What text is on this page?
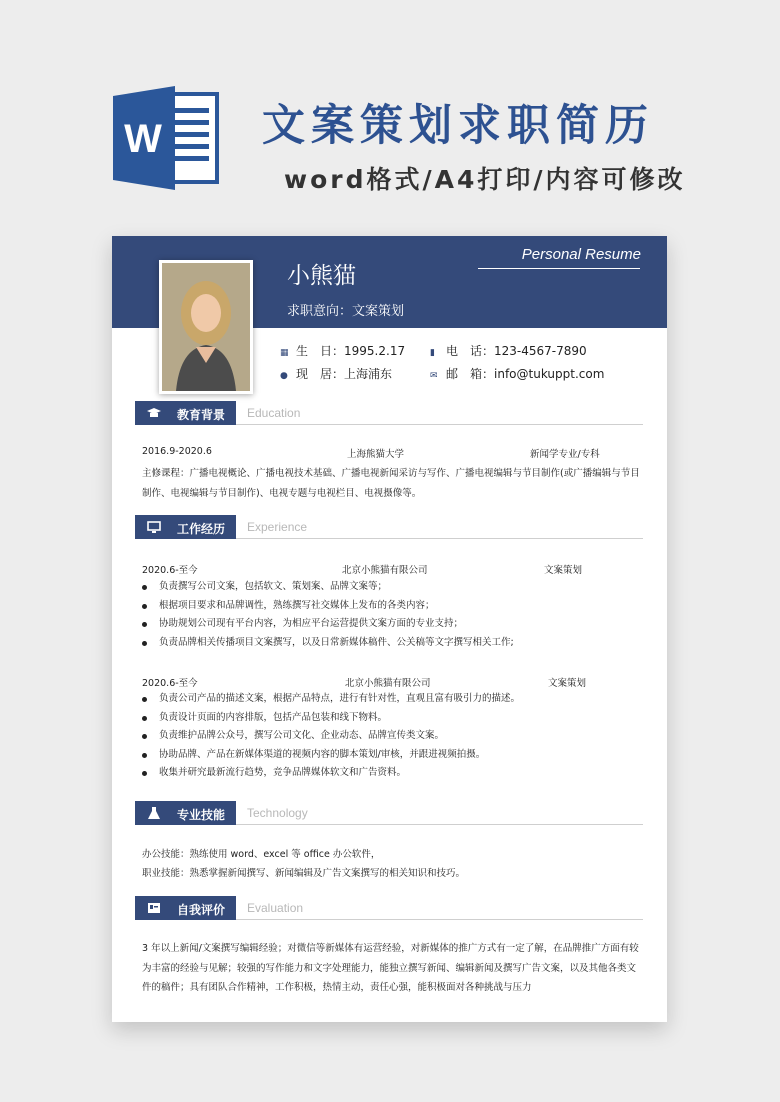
W 文案策划求职简历
word格式/A4打印/内容可修改
Personal Resume
小熊猫
求职意向：文案策划
▦ 生　日：1995.2.17	▮ 电　话：123-4567-7890
● 现　居：上海浦东	✉ 邮　箱：info@tukuppt.com
教育背景 Education
2016.9-2020.6	上海熊猫大学	新闻学专业/专科
主修课程：广播电视概论、广播电视技术基础、广播电视新闻采访与写作、广播电视编辑与节目制作(或广播编辑与节目
制作、电视编辑与节目制作)、电视专题与电视栏目、电视摄像等。
工作经历 Experience
2020.6-至今	北京小熊猫有限公司	文案策划
负责撰写公司文案，包括软文、策划案、品牌文案等；
根据项目要求和品牌调性，熟练撰写社交媒体上发布的各类内容；
协助规划公司现有平台内容，为相应平台运营提供文案方面的专业支持；
负责品牌相关传播项目文案撰写，以及日常新媒体稿件、公关稿等文字撰写相关工作;
2020.6-至今	北京小熊猫有限公司	文案策划
负责公司产品的描述文案，根据产品特点，进行有针对性，直观且富有吸引力的描述。
负责设计页面的内容排版，包括产品包装和线下物料。
负责维护品牌公众号，撰写公司文化、企业动态、品牌宣传类文案。
协助品牌、产品在新媒体渠道的视频内容的脚本策划/审核，并跟进视频拍摄。
收集并研究最新流行趋势，竞争品牌媒体软文和广告资料。
专业技能 Technology
办公技能：熟练使用 word、excel 等 office 办公软件，
职业技能：熟悉掌握新闻撰写、新闻编辑及广告文案撰写的相关知识和技巧。
自我评价 Evaluation
3 年以上新闻/文案撰写编辑经验；对微信等新媒体有运营经验，对新媒体的推广方式有一定了解，在品牌推广方面有较
为丰富的经验与见解；较强的写作能力和文字处理能力，能独立撰写新闻、编辑新闻及撰写广告文案，以及其他各类文
件的稿件；具有团队合作精神，工作积极，热情主动，责任心强，能积极面对各种挑战与压力
